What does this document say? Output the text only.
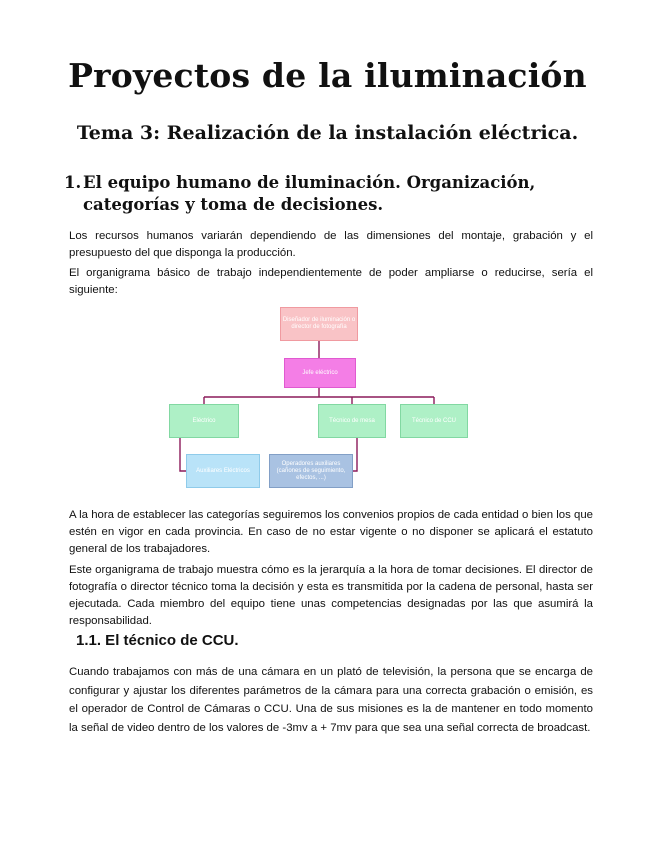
Proyectos de la iluminación
Tema 3: Realización de la instalación eléctrica.
1. El equipo humano de iluminación. Organización, categorías y toma de decisiones.

Los recursos humanos variarán dependiendo de las dimensiones del montaje, grabación y el presupuesto del que disponga la producción.

El organigrama básico de trabajo independientemente de poder ampliarse o reducirse, sería el siguiente:

Diseñador de iluminación o director de fotografía
Jefe eléctrico
Eléctrico	Técnico de mesa	Técnico de CCU
Auxiliares Eléctricos
Operadores auxiliares (cañones de seguimiento, efectos, ...)

A la hora de establecer las categorías seguiremos los convenios propios de cada entidad o bien los que estén en vigor en cada provincia. En caso de no estar vigente o no disponer se aplicará el estatuto general de los trabajadores.

Este organigrama de trabajo muestra cómo es la jerarquía a la hora de tomar decisiones. El director de fotografía o director técnico toma la decisión y esta es transmitida por la cadena de personal, hasta ser ejecutada. Cada miembro del equipo tiene unas competencias designadas por las que asumirá la responsabilidad.

1.1. El técnico de CCU.

Cuando trabajamos con más de una cámara en un plató de televisión, la persona que se encarga de configurar y ajustar los diferentes parámetros de la cámara para una correcta grabación o emisión, es el operador de Control de Cámaras o CCU. Una de sus misiones es la de mantener en todo momento la señal de video dentro de los valores de -3mv a + 7mv para que sea una señal correcta de broadcast.
